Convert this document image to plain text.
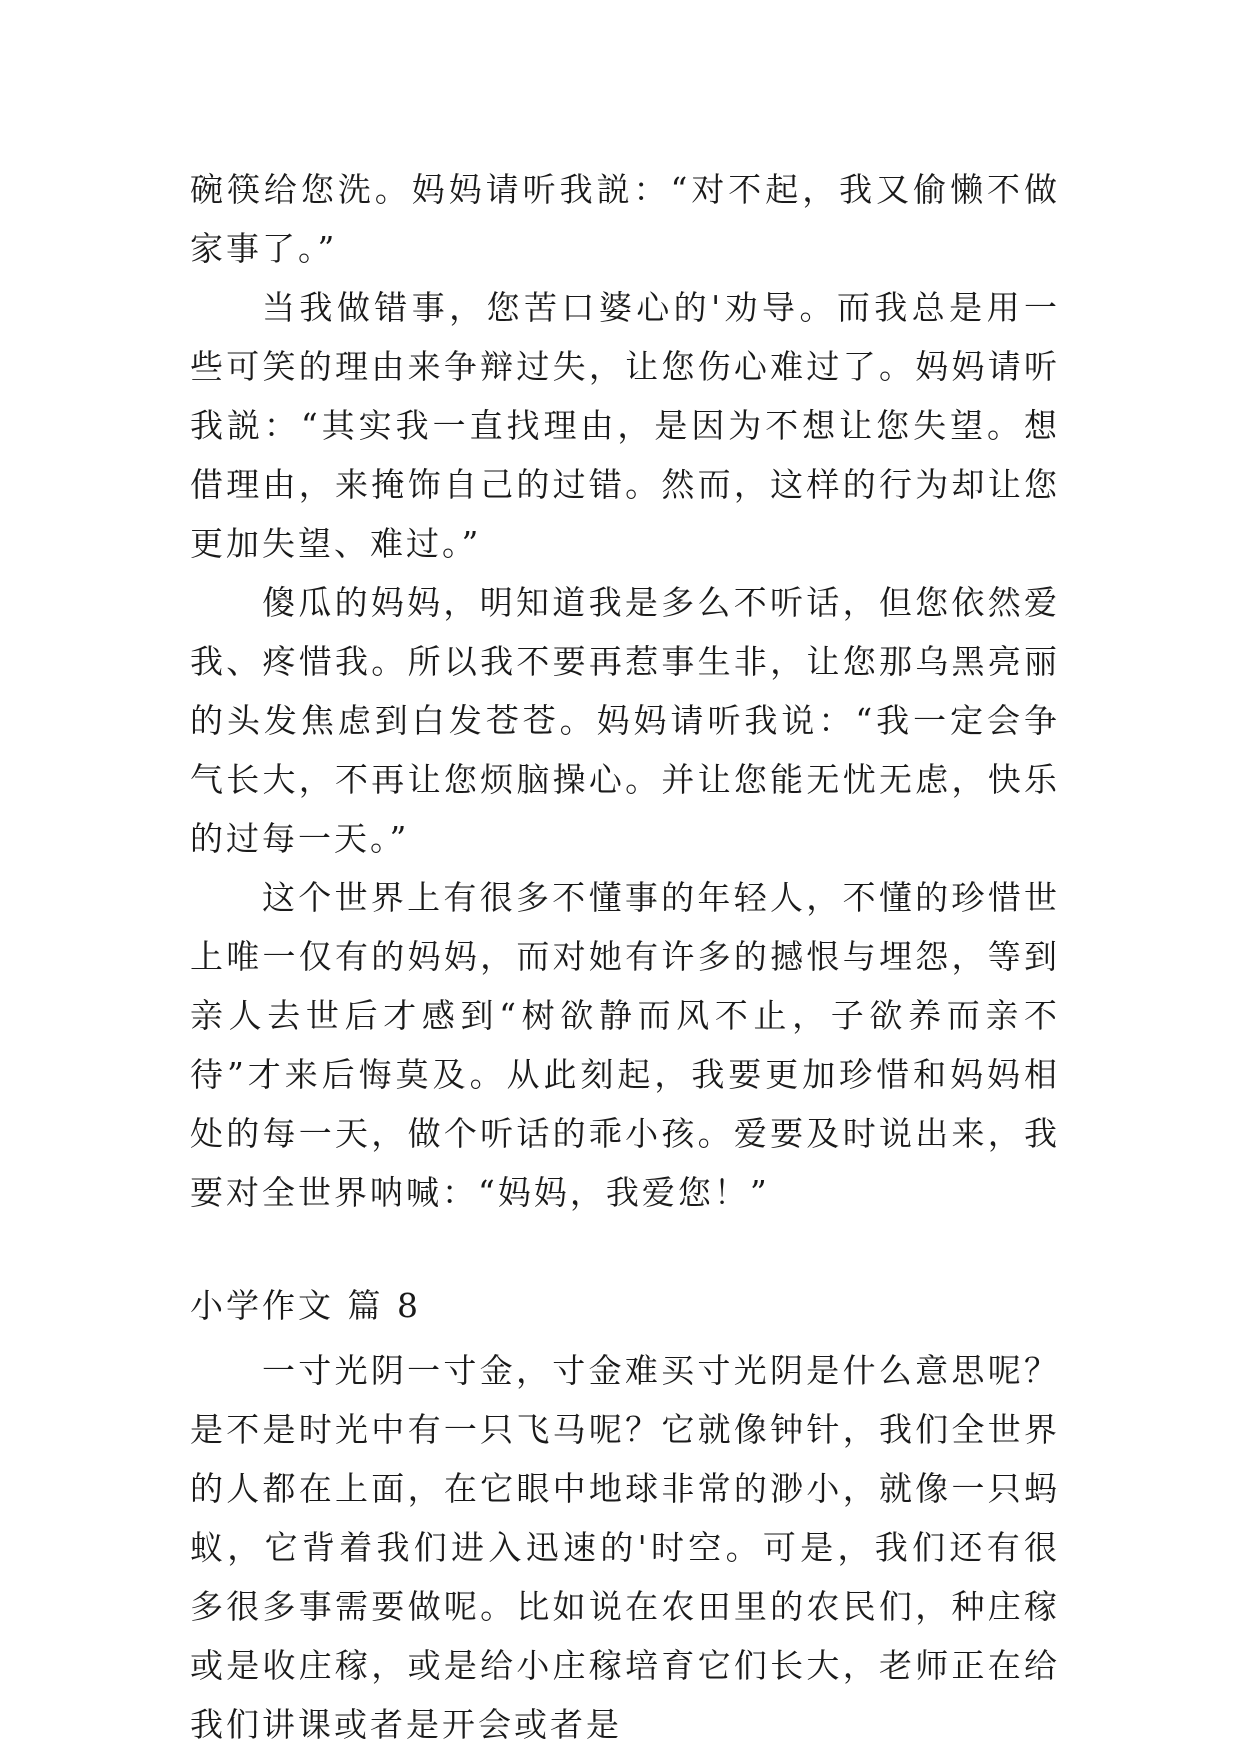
碗筷给您洗。妈妈请听我説：“对不起，我又偷懒不做家事了。”

当我做错事，您苦口婆心的'劝导。而我总是用一些可笑的理由来争辩过失，让您伤心难过了。妈妈请听我説：“其实我一直找理由，是因为不想让您失望。想借理由，来掩饰自己的过错。然而，这样的行为却让您更加失望、难过。”

傻瓜的妈妈，明知道我是多么不听话，但您依然爱我、疼惜我。所以我不要再惹事生非，让您那乌黑亮丽的头发焦虑到白发苍苍。妈妈请听我说：“我一定会争气长大，不再让您烦脑操心。并让您能无忧无虑，快乐的过每一天。”

这个世界上有很多不懂事的年轻人，不懂的珍惜世上唯一仅有的妈妈，而对她有许多的撼恨与埋怨，等到亲人去世后才感到“树欲静而风不止，子欲养而亲不待”才来后悔莫及。从此刻起，我要更加珍惜和妈妈相处的每一天，做个听话的乖小孩。爱要及时说出来，我要对全世界呐喊：“妈妈，我爱您！”

小学作文 篇 8

一寸光阴一寸金，寸金难买寸光阴是什么意思呢？是不是时光中有一只飞马呢？它就像钟针，我们全世界的人都在上面，在它眼中地球非常的渺小，就像一只蚂蚁，它背着我们进入迅速的'时空。可是，我们还有很多很多事需要做呢。比如说在农田里的农民们，种庄稼或是收庄稼，或是给小庄稼培育它们长大，老师正在给我们讲课或者是开会或者是
